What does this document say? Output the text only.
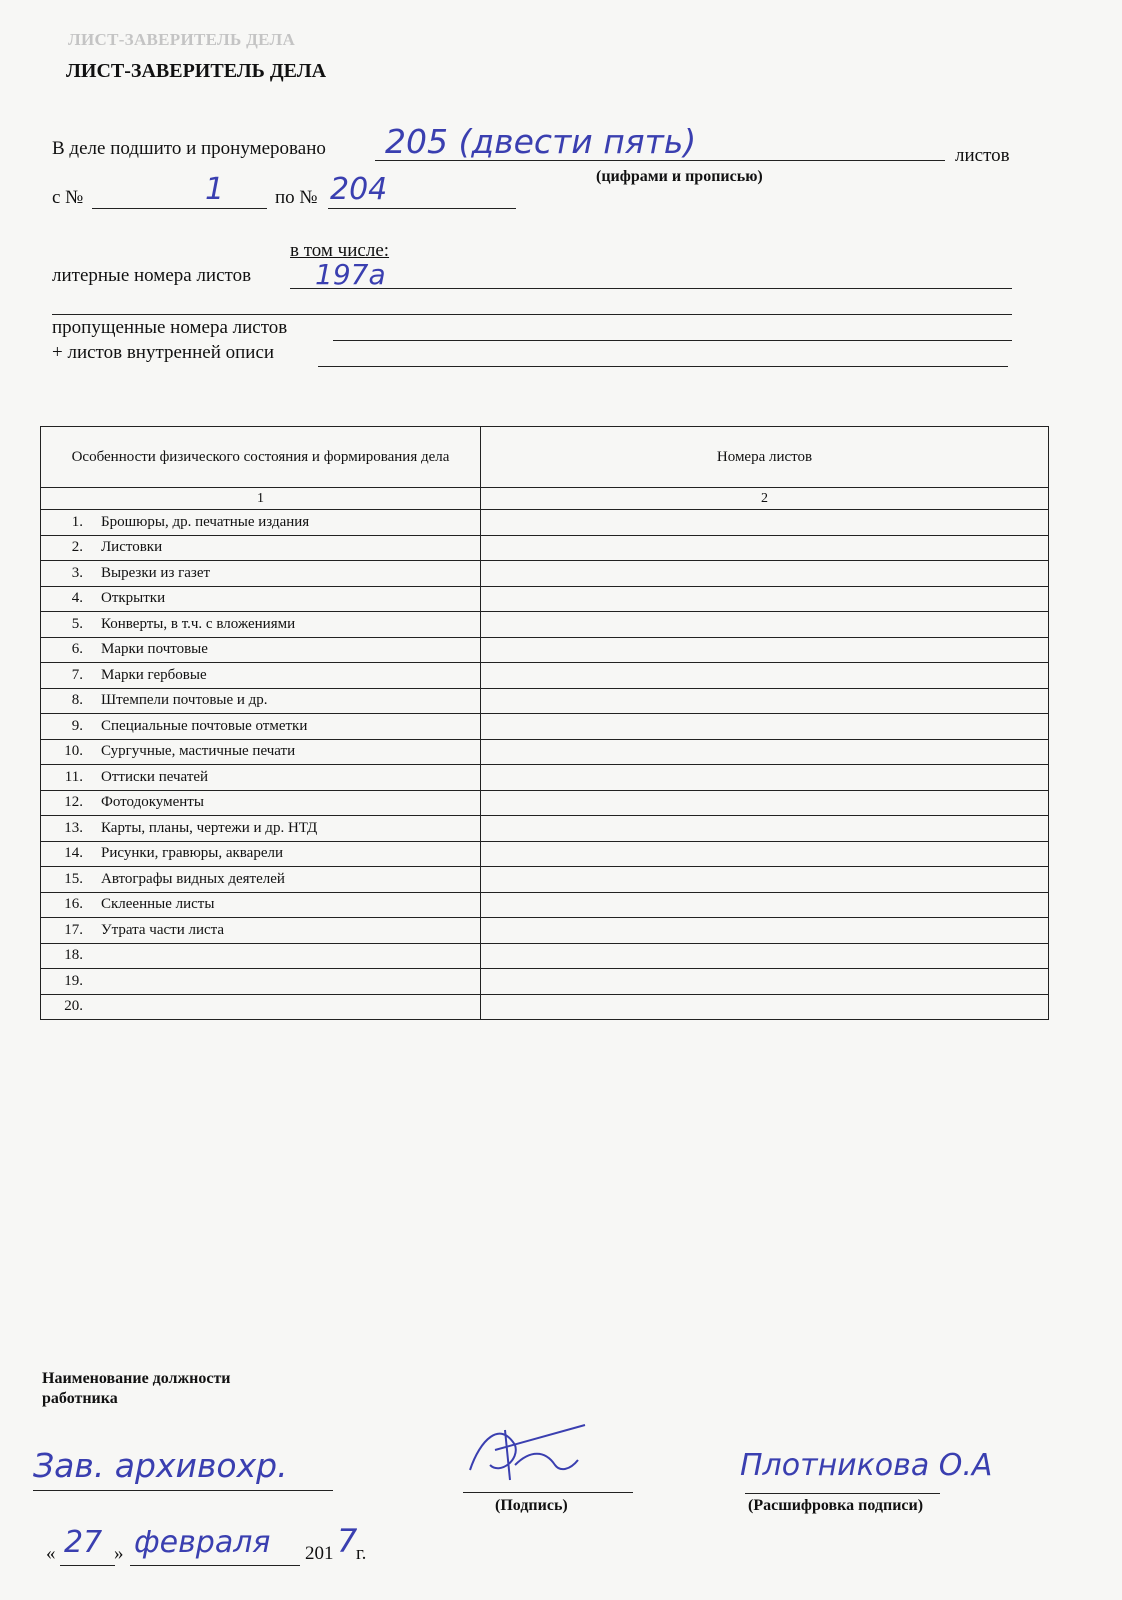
ЛИСТ-ЗАВЕРИТЕЛЬ ДЕЛА
ЛИСТ-ЗАВЕРИТЕЛЬ ДЕЛА
В деле подшито и пронумеровано 205 (двести пять)	листов
(цифрами и прописью)
с №	1	по № 204
в том числе:
литерные номера листов 197а
пропущенные номера листов
+ листов внутренней описи
Особенности физического состояния и формирования дела	Номера листов
1	2
1. Брошюры, др. печатные издания	
2. Листовки	
3. Вырезки из газет	
4. Открытки	
5. Конверты, в т.ч. с вложениями	
6. Марки почтовые	
7. Марки гербовые	
8. Штемпели почтовые и др.	
9. Специальные почтовые отметки	
10. Сургучные, мастичные печати	
11. Оттиски печатей	
12. Фотодокументы	
13. Карты, планы, чертежи и др. НТД	
14. Рисунки, гравюры, акварели	
15. Автографы видных деятелей	
16. Склеенные листы	
17. Утрата части листа	
18.	
19.	
20.	
Наименование должности
работника
Зав. архивохр.
(Подпись)
Плотникова О.А
(Расшифровка подписи)
« 27 » февраля 201 7
г.
